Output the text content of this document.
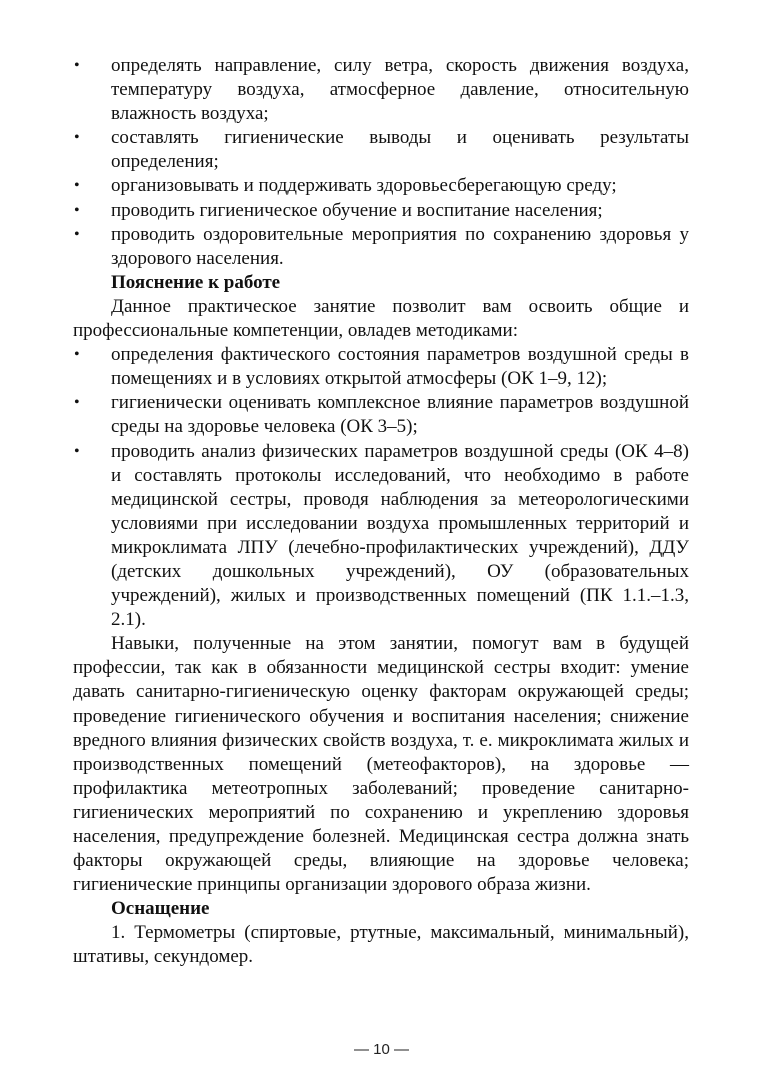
• определять направление, силу ветра, скорость движения воздуха, температуру воздуха, атмосферное давление, относительную влажность воздуха;
• составлять гигиенические выводы и оценивать результаты определения;
• организовывать и поддерживать здоровьесберегающую среду;
• проводить гигиеническое обучение и воспитание населения;
• проводить оздоровительные мероприятия по сохранению здоровья у здорового населения.
Пояснение к работе

Данное практическое занятие позволит вам освоить общие и профессиональные компетенции, овладев методиками:

• определения фактического состояния параметров воздушной среды в помещениях и в условиях открытой атмосферы (ОК 1–9, 12);
• гигиенически оценивать комплексное влияние параметров воздушной среды на здоровье человека (ОК 3–5);
• проводить анализ физических параметров воздушной среды (ОК 4–8) и составлять протоколы исследований, что необходимо в работе медицинской сестры, проводя наблюдения за метеорологическими условиями при исследовании воздуха промышленных территорий и микроклимата ЛПУ (лечебно-профилактических учреждений), ДДУ (детских дошкольных учреждений), ОУ (образовательных учреждений), жилых и производственных помещений (ПК 1.1.–1.3, 2.1).

Навыки, полученные на этом занятии, помогут вам в будущей профессии, так как в обязанности медицинской сестры входит: умение давать санитарно-гигиеническую оценку факторам окружающей среды; проведение гигиенического обучения и воспитания населения; снижение вредного влияния физических свойств воздуха, т. е. микроклимата жилых и производственных помещений (метеофакторов), на здоровье — профилактика метеотропных заболеваний; проведение санитарно-гигиенических мероприятий по сохранению и укреплению здоровья населения, предупреждение болезней. Медицинская сестра должна знать факторы окружающей среды, влияющие на здоровье человека; гигиенические принципы организации здорового образа жизни.

Оснащение

1. Термометры (спиртовые, ртутные, максимальный, минимальный), штативы, секундомер.

— 10 —
